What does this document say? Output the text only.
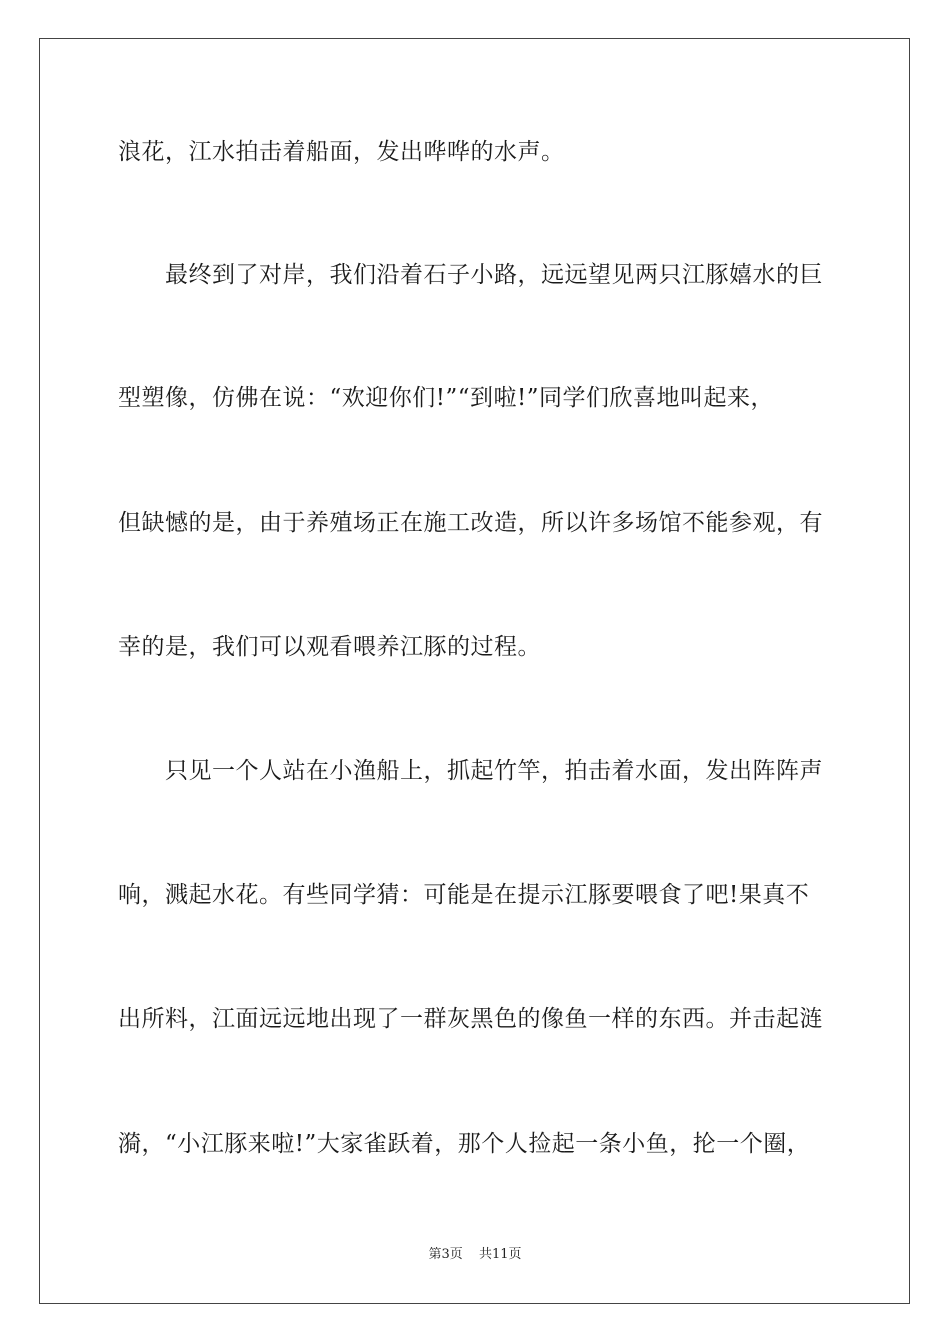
浪花，江水拍击着船面，发出哗哗的水声。
　　最终到了对岸，我们沿着石子小路，远远望见两只江豚嬉水的巨
型塑像，仿佛在说：“欢迎你们!”“到啦!”同学们欣喜地叫起来，
但缺憾的是，由于养殖场正在施工改造，所以许多场馆不能参观，有
幸的是，我们可以观看喂养江豚的过程。
　　只见一个人站在小渔船上，抓起竹竿，拍击着水面，发出阵阵声
响，溅起水花。有些同学猜：可能是在提示江豚要喂食了吧!果真不
出所料，江面远远地出现了一群灰黑色的像鱼一样的东西。并击起涟
漪，“小江豚来啦!”大家雀跃着，那个人捡起一条小鱼，抡一个圈，
第3页 共11页
